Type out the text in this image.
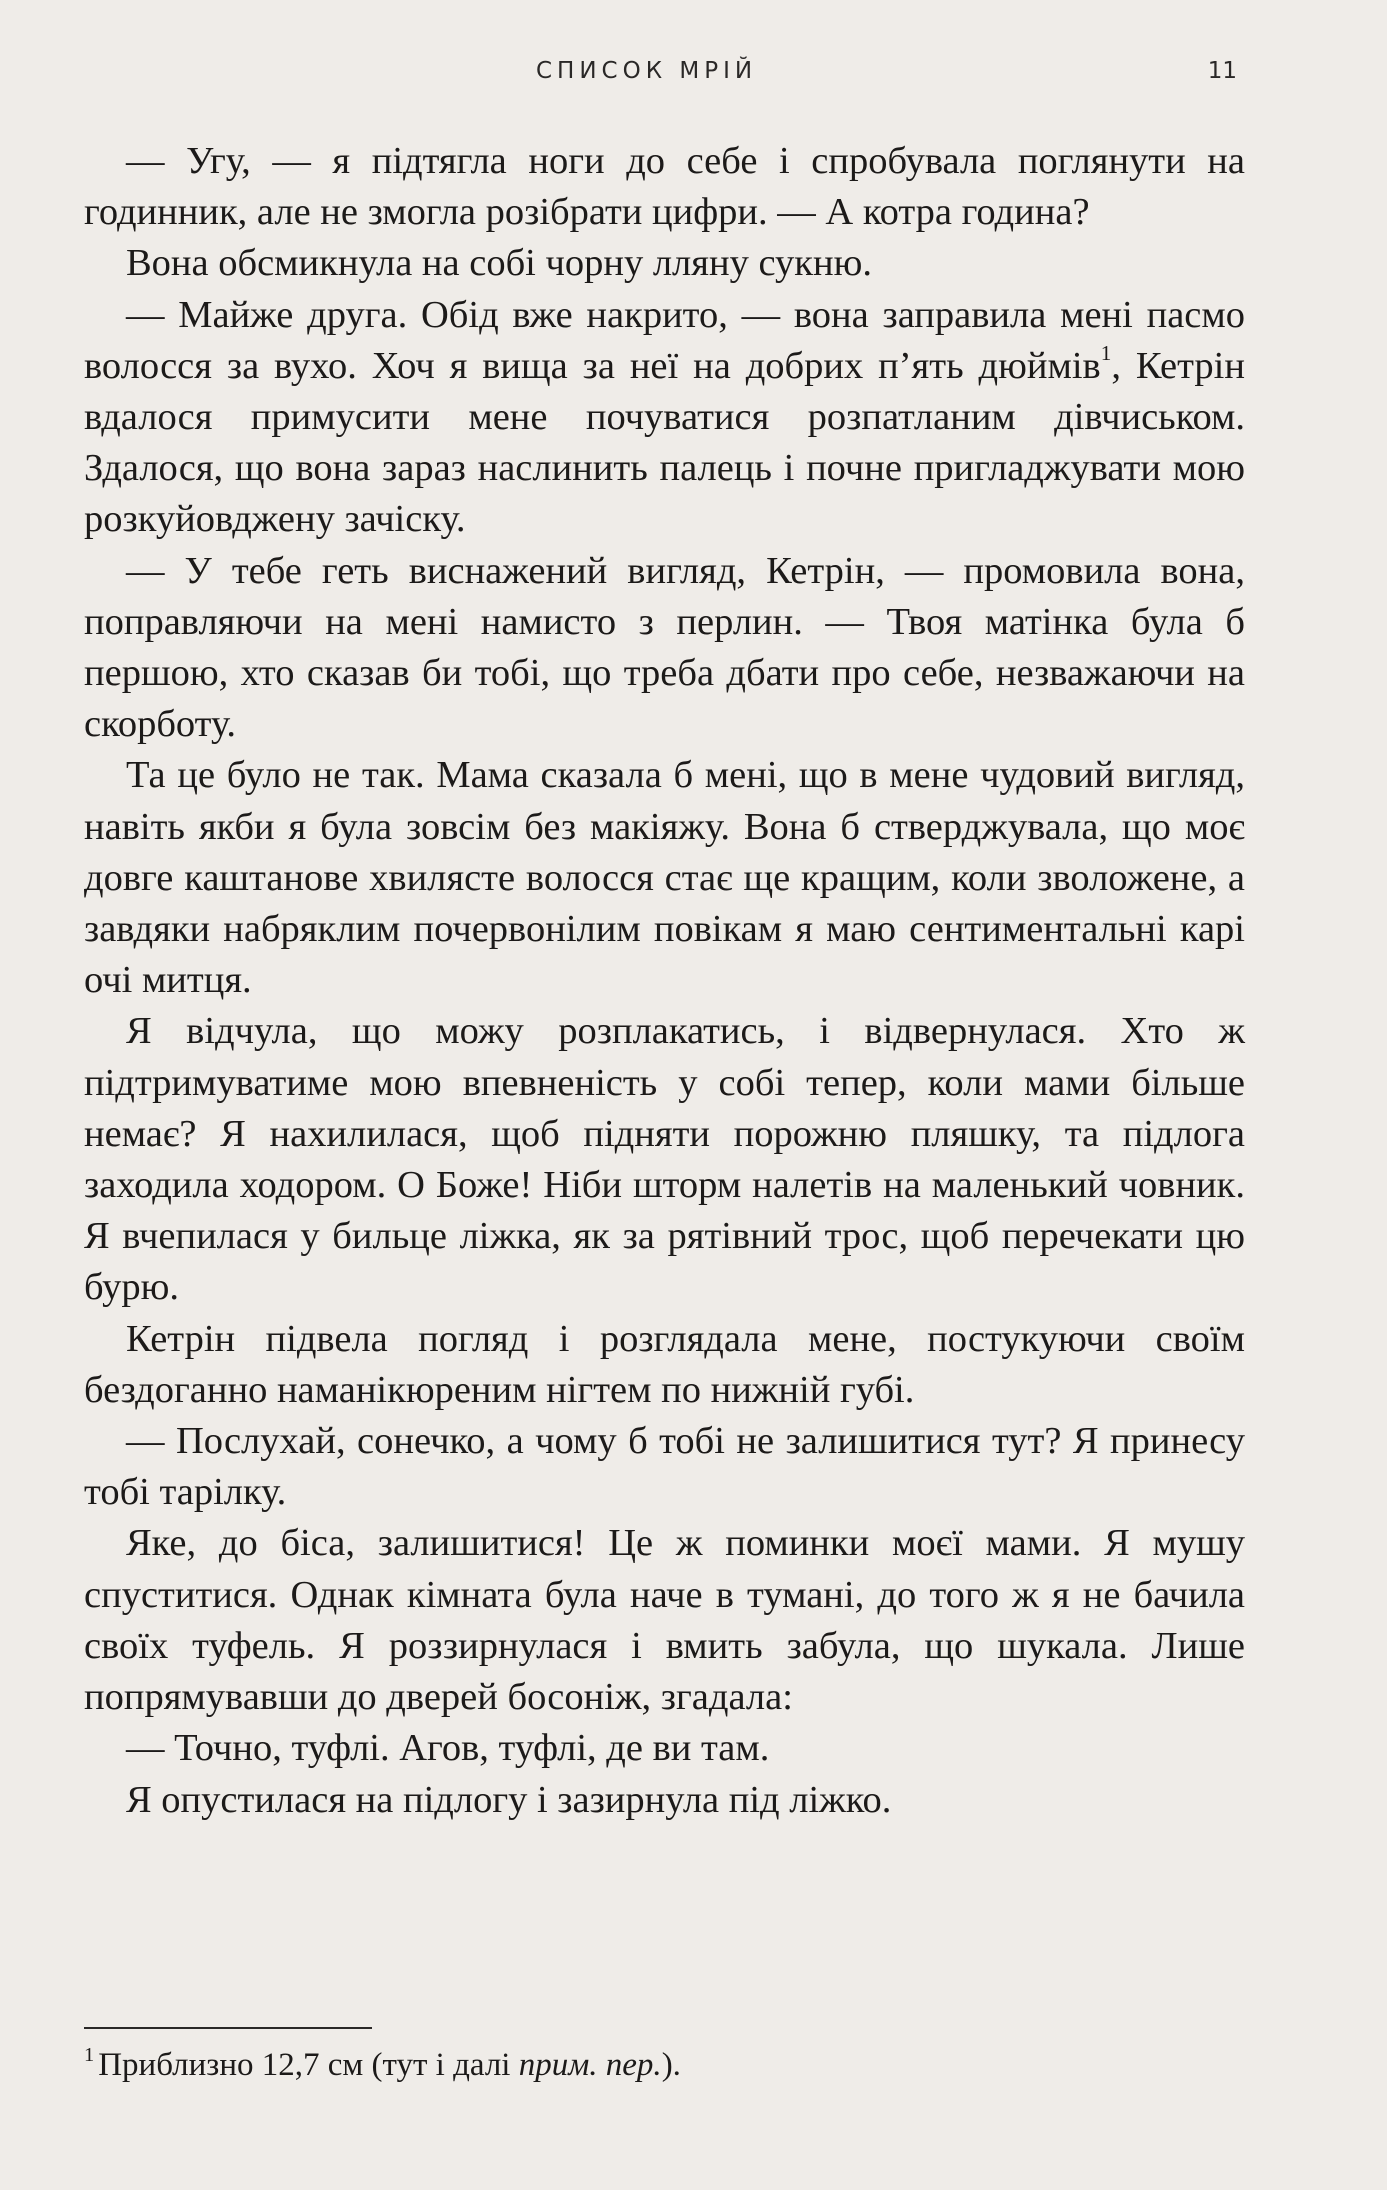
СПИСОК МРІЙ	11

— Угу, — я підтягла ноги до себе і спробувала поглянути на годинник, але не змогла розібрати цифри. — А котра година?

Вона обсмикнула на собі чорну лляну сукню.

— Майже друга. Обід вже накрито, — вона заправила мені пасмо волосся за вухо. Хоч я вища за неї на добрих п’ять дюймів$^1$, Кетрін вдалося примусити мене почуватися розпатланим дівчиськом. Здалося, що вона зараз наслинить палець і почне пригладжувати мою розкуйовджену зачіску.

— У тебе геть виснажений вигляд, Кетрін, — промовила вона, поправляючи на мені намисто з перлин. — Твоя матінка була б першою, хто сказав би тобі, що треба дбати про себе, незважаючи на скорботу.

Та це було не так. Мама сказала б мені, що в мене чудовий вигляд, навіть якби я була зовсім без макіяжу. Вона б стверджувала, що моє довге каштанове хвилясте волосся стає ще кращим, коли зволожене, а завдяки набряклим почервонілим повікам я маю сентиментальні карі очі митця.

Я відчула, що можу розплакатись, і відвернулася. Хто ж підтримуватиме мою впевненість у собі тепер, коли мами більше немає? Я нахилилася, щоб підняти порожню пляшку, та підлога заходила ходором. О Боже! Ніби шторм налетів на маленький човник. Я вчепилася у бильце ліжка, як за рятівний трос, щоб перечекати цю бурю.

Кетрін підвела погляд і розглядала мене, постукуючи своїм бездоганно наманікюреним нігтем по нижній губі.

— Послухай, сонечко, а чому б тобі не залишитися тут? Я принесу тобі тарілку.

Яке, до біса, залишитися! Це ж поминки моєї мами. Я мушу спуститися. Однак кімната була наче в тумані, до того ж я не бачила своїх туфель. Я роззирнулася і вмить забула, що шукала. Лише попрямувавши до дверей босоніж, згадала:

— Точно, туфлі. Агов, туфлі, де ви там.

Я опустилася на підлогу і зазирнула під ліжко.

$^1$ Приблизно 12,7 см (тут і далі прим. пер.).
